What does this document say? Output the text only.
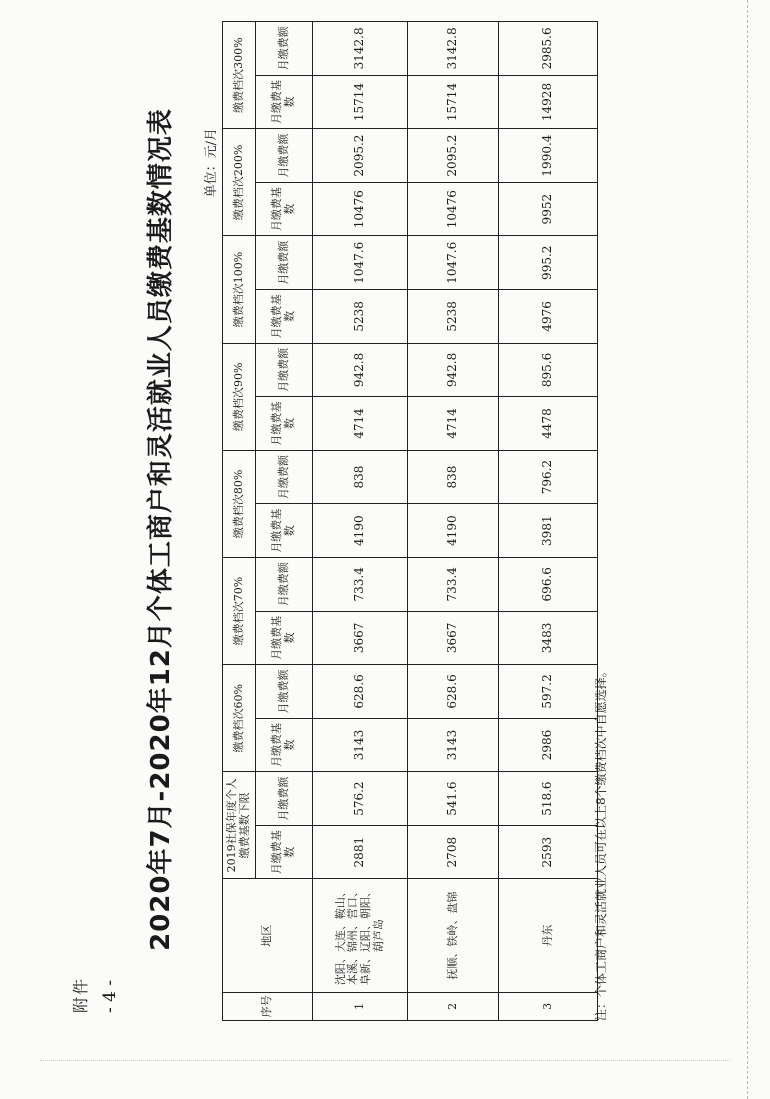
附件 - 4 -
2020年7月-2020年12月个体工商户和灵活就业人员缴费基数情况表	单位：元/月
序号	地区	2019社保年度个人缴费基数下限		缴费档次60%		缴费档次70%		缴费档次80%		缴费档次90%		缴费档次100%		缴费档次200%		缴费档次300%	
		月缴费基数	月缴费额	月缴费基数	月缴费额	月缴费基数	月缴费额	月缴费基数	月缴费额	月缴费基数	月缴费额	月缴费基数	月缴费额	月缴费基数	月缴费额	月缴费基数	月缴费额
1	沈阳、大连、鞍山、本溪、锦州、营口、阜新、辽阳、朝阳、葫芦岛	2881	576.2	3143	628.6	3667	733.4	4190	838	4714	942.8	5238	1047.6	10476	2095.2	15714	3142.8
2	抚顺、铁岭、盘锦	2708	541.6	3143	628.6	3667	733.4	4190	838	4714	942.8	5238	1047.6	10476	2095.2	15714	3142.8
3	丹东	2593	518.6	2986	597.2	3483	696.6	3981	796.2	4478	895.6	4976	995.2	9952	1990.4	14928	2985.6
注：个体工商户和灵活就业人员可在以上8个缴费档次中自愿选择。
